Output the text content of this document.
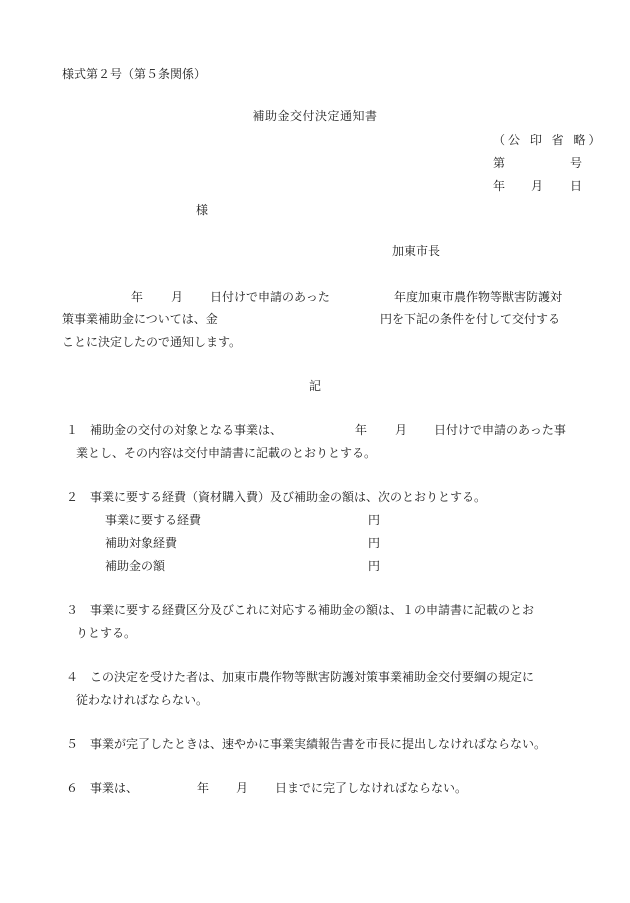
様式第２号（第５条関係）
補助金交付決定通知書
（公 印 省 略）
第	号
年 月 日
様
加東市長
年 月 日付けで申請のあった	年度加東市農作物等獣害防護対
策事業補助金については、金	円を下記の条件を付して交付する
ことに決定したので通知します。
記
１ 補助金の交付の対象となる事業は、	年 月 日付けで申請のあった事
業とし、その内容は交付申請書に記載のとおりとする。
２ 事業に要する経費（資材購入費）及び補助金の額は、次のとおりとする。
事業に要する経費	円
補助対象経費	円
補助金の額	円
３ 事業に要する経費区分及びこれに対応する補助金の額は、１の申請書に記載のとお
りとする。
４ この決定を受けた者は、加東市農作物等獣害防護対策事業補助金交付要綱の規定に
従わなければならない。
５ 事業が完了したときは、速やかに事業実績報告書を市長に提出しなければならない。
６ 事業は、	年 月 日までに完了しなければならない。
